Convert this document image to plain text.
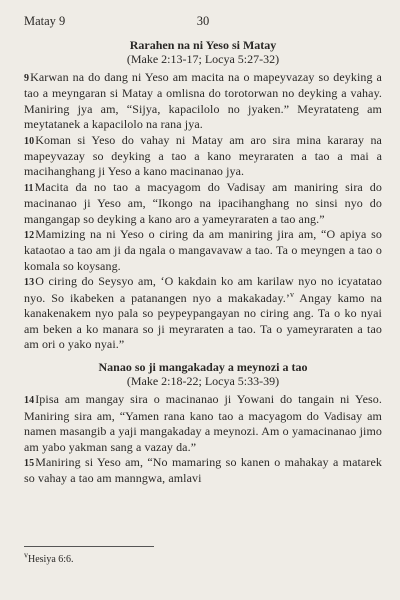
Matay 9	30
Rarahen na ni Yeso si Matay
(Make 2:13-17; Locya 5:27-32)

9Karwan na do dang ni Yeso am macita na o mapeyvazay so deyking a tao a meyngaran si Matay a omlisna do torotorwan no deyking a vahay. Maniring jya am, “Sijya, kapacilolo no jyaken.” Meyratateng am meytatanek a kapacilolo na rana jya.

10Koman si Yeso do vahay ni Matay am aro sira mina kararay na mapeyvazay so deyking a tao a kano meyraraten a tao a mai a macihanghang ji Yeso a kano macinanao jya.

11Macita da no tao a macyagom do Vadisay am maniring sira do macinanao ji Yeso am, “Ikongo na ipacihanghang no sinsi nyo do mangangap so deyking a kano aro a yameyraraten a tao ang.”

12Mamizing na ni Yeso o ciring da am maniring jira am, “O apiya so kataotao a tao am ji da ngala o mangavavaw a tao. Ta o meyngen a tao o komala so koysang.

13O ciring do Seysyo am, ‘O kakdain ko am karilaw nyo no icyatatao nyo. So ikabeken a patanangen nyo a makakaday.’$^v$ Angay kamo na kanakenakem nyo pala so peypeypangayan no ciring ang. Ta o ko nyai am beken a ko manara so ji meyraraten a tao. Ta o yameyraraten a tao am ori o yako nyai.”

Nanao so ji mangakaday a meynozi a tao
(Make 2:18-22; Locya 5:33-39)

14Ipisa am mangay sira o macinanao ji Yowani do tangain ni Yeso. Maniring sira am, “Yamen rana kano tao a macyagom do Vadisay am namen masangib a yaji mangakaday a meynozi. Am o yamacinanao jimo am yabo yakman sang a vazay da.”

15Maniring si Yeso am, “No mamaring so kanen o mahakay a matarek so vahay a tao am manngwa, amlavi

$^v$Hesiya 6:6.
